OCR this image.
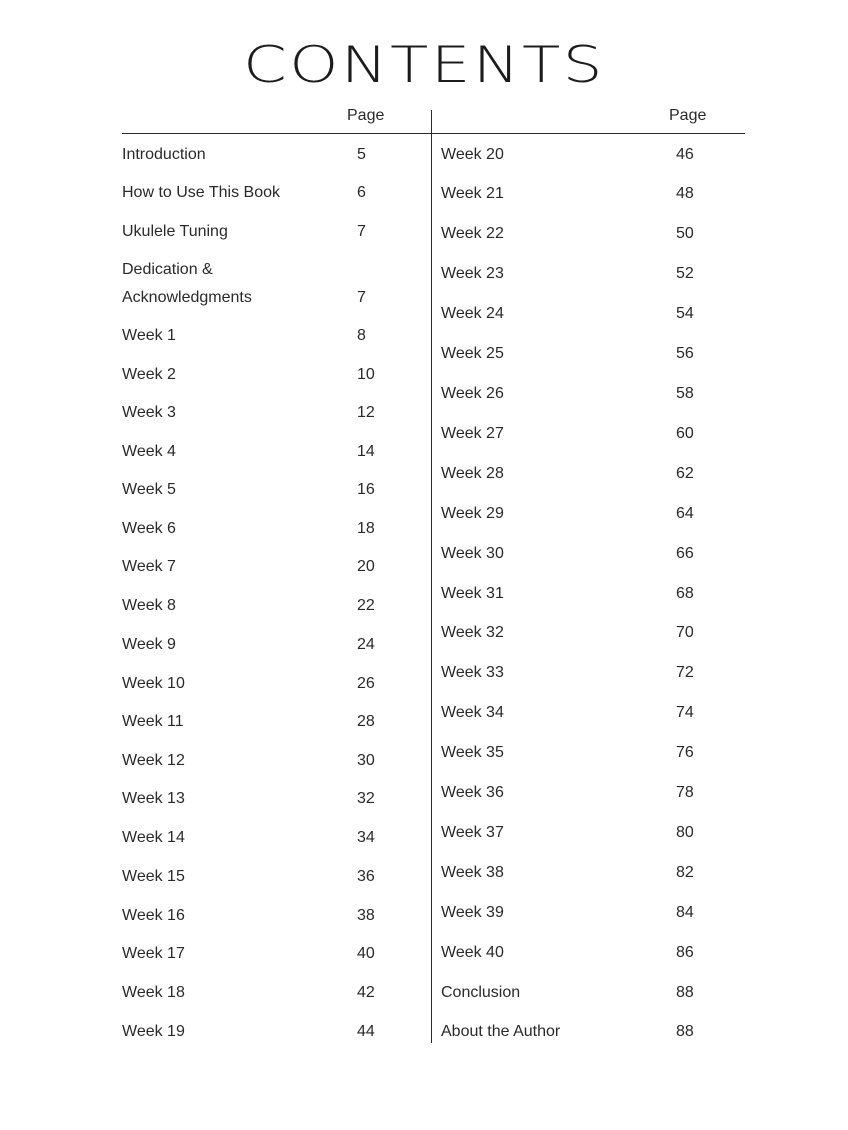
CONTENTS
Page	Page
Introduction	5
How to Use This Book	6
Ukulele Tuning	7
Dedication &
Acknowledgments	7
Week 1	8
Week 2	10
Week 3	12
Week 4	14
Week 5	16
Week 6	18
Week 7	20
Week 8	22
Week 9	24
Week 10	26
Week 11	28
Week 12	30
Week 13	32
Week 14	34
Week 15	36
Week 16	38
Week 17	40
Week 18	42
Week 19	44
Week 20	46
Week 21	48
Week 22	50
Week 23	52
Week 24	54
Week 25	56
Week 26	58
Week 27	60
Week 28	62
Week 29	64
Week 30	66
Week 31	68
Week 32	70
Week 33	72
Week 34	74
Week 35	76
Week 36	78
Week 37	80
Week 38	82
Week 39	84
Week 40	86
Conclusion	88
About the Author	88
